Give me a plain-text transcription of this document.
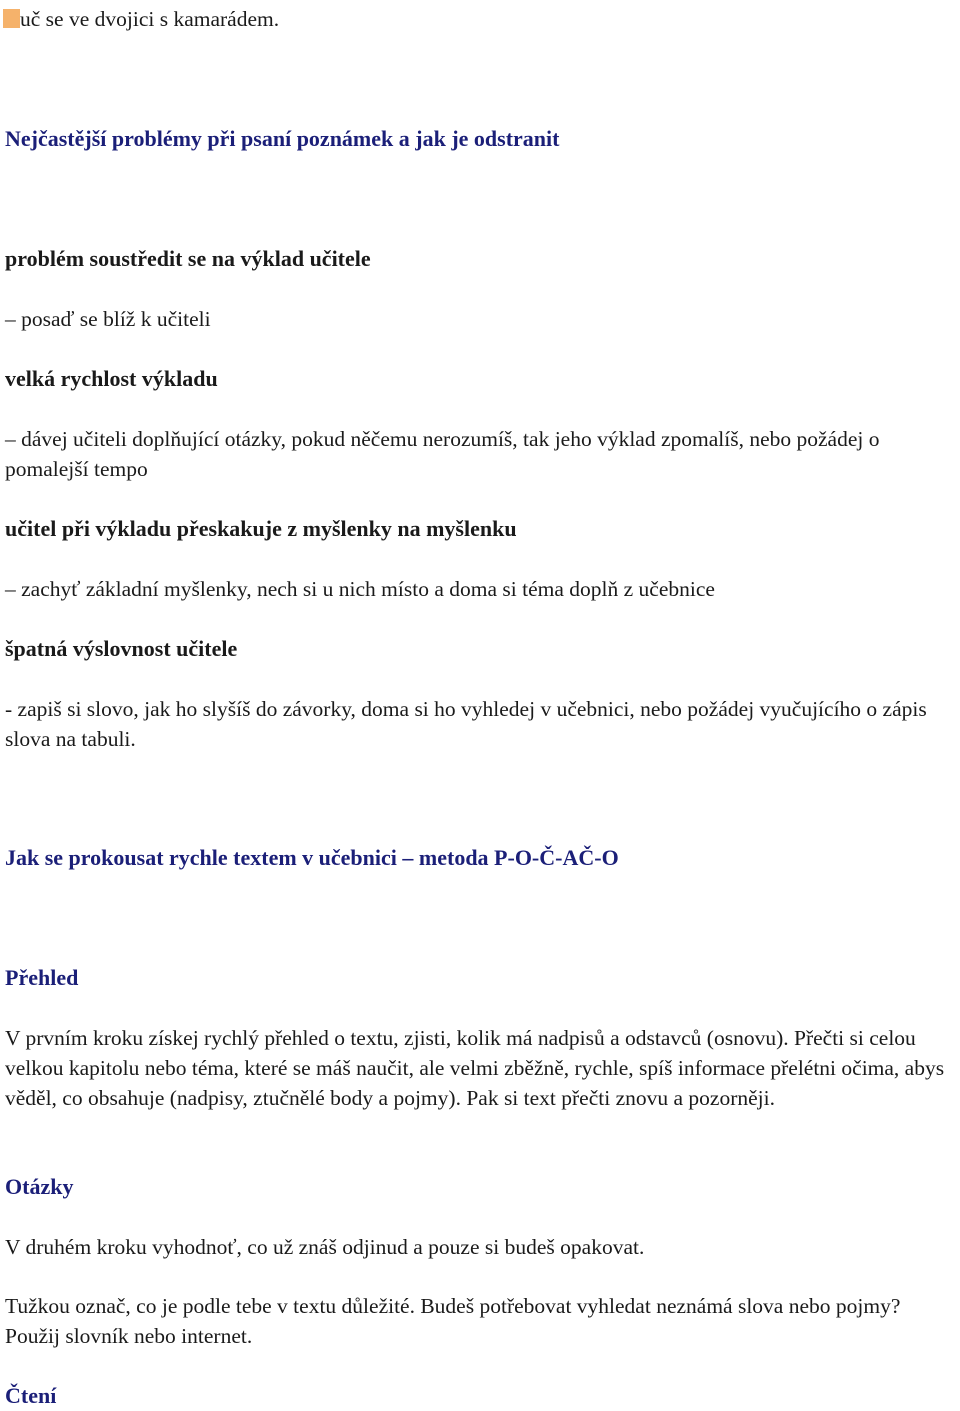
uč se ve dvojici s kamarádem.

Nejčastější problémy při psaní poznámek a jak je odstranit

problém soustředit se na výklad učitele

– posaď se blíž k učiteli

velká rychlost výkladu

– dávej učiteli doplňující otázky, pokud něčemu nerozumíš, tak jeho výklad zpomalíš, nebo požádej o pomalejší tempo

učitel při výkladu přeskakuje z myšlenky na myšlenku

– zachyť základní myšlenky, nech si u nich místo a doma si téma doplň z učebnice

špatná výslovnost učitele

- zapiš si slovo, jak ho slyšíš do závorky, doma si ho vyhledej v učebnici, nebo požádej vyučujícího o zápis slova na tabuli.

Jak se prokousat rychle textem v učebnici – metoda P-O-Č-AČ-O
Přehled

V prvním kroku získej rychlý přehled o textu, zjisti, kolik má nadpisů a odstavců (osnovu). Přečti si celou velkou kapitolu nebo téma, které se máš naučit, ale velmi zběžně, rychle, spíš informace přelétni očima, abys věděl, co obsahuje (nadpisy, ztučnělé body a pojmy). Pak si text přečti znovu a pozorněji.

Otázky

V druhém kroku vyhodnoť, co už znáš odjinud a pouze si budeš opakovat.

Tužkou označ, co je podle tebe v textu důležité. Budeš potřebovat vyhledat neznámá slova nebo pojmy? Použij slovník nebo internet.

Čtení
